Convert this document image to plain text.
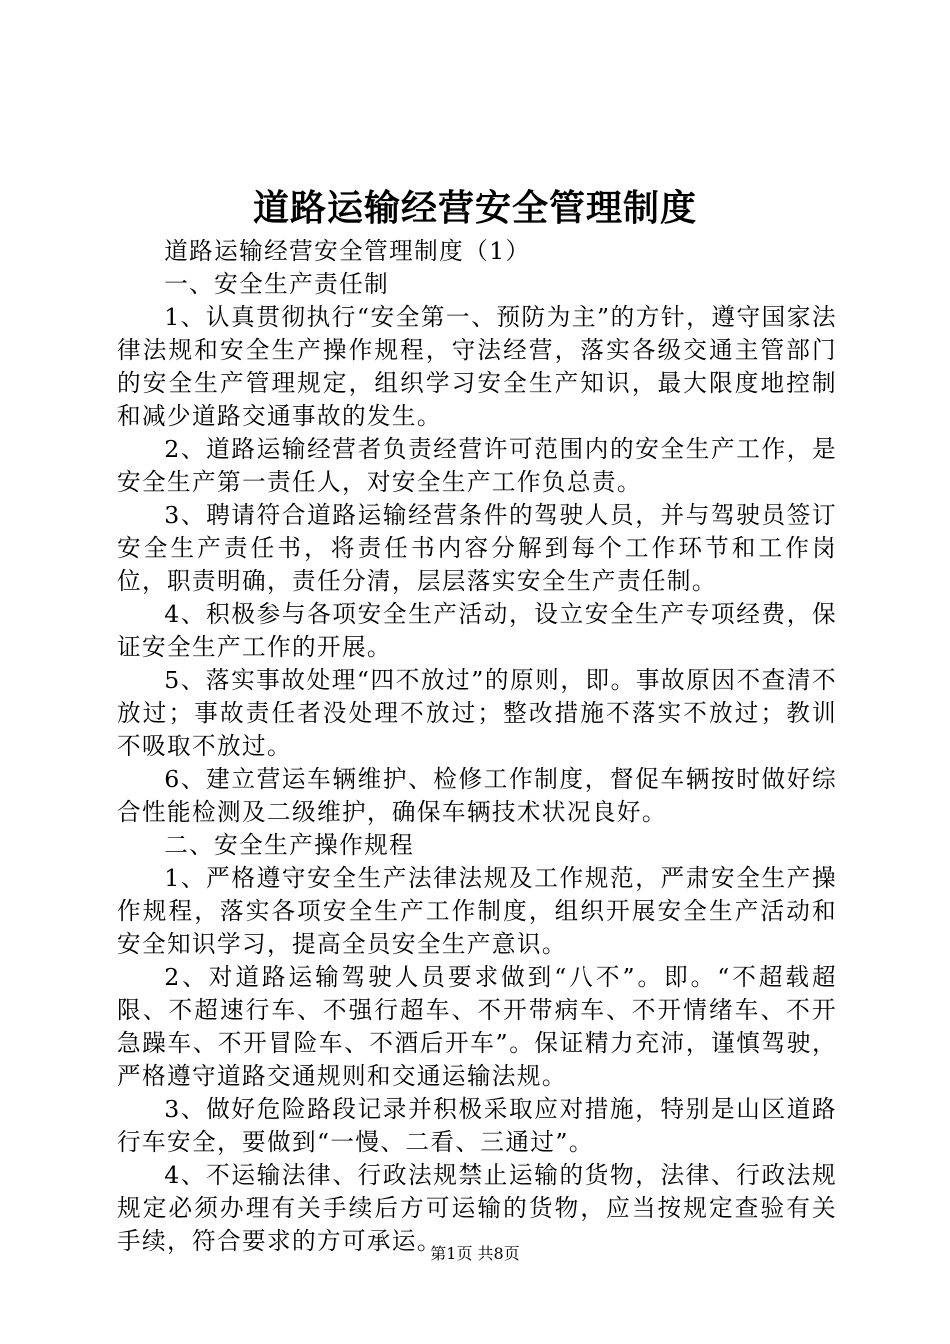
道路运输经营安全管理制度

道路运输经营安全管理制度（1）

一、安全生产责任制

1、认真贯彻执行“安全第一、预防为主”的方针，遵守国家法律法规和安全生产操作规程，守法经营，落实各级交通主管部门的安全生产管理规定，组织学习安全生产知识，最大限度地控制和减少道路交通事故的发生。

2、道路运输经营者负责经营许可范围内的安全生产工作，是安全生产第一责任人，对安全生产工作负总责。

3、聘请符合道路运输经营条件的驾驶人员，并与驾驶员签订安全生产责任书，将责任书内容分解到每个工作环节和工作岗位，职责明确，责任分清，层层落实安全生产责任制。

4、积极参与各项安全生产活动，设立安全生产专项经费，保证安全生产工作的开展。

5、落实事故处理“四不放过”的原则，即。事故原因不查清不放过；事故责任者没处理不放过；整改措施不落实不放过；教训不吸取不放过。

6、建立营运车辆维护、检修工作制度，督促车辆按时做好综合性能检测及二级维护，确保车辆技术状况良好。

二、安全生产操作规程

1、严格遵守安全生产法律法规及工作规范，严肃安全生产操作规程，落实各项安全生产工作制度，组织开展安全生产活动和安全知识学习，提高全员安全生产意识。

2、对道路运输驾驶人员要求做到“八不”。即。“不超载超限、不超速行车、不强行超车、不开带病车、不开情绪车、不开急躁车、不开冒险车、不酒后开车”。保证精力充沛，谨慎驾驶，严格遵守道路交通规则和交通运输法规。

3、做好危险路段记录并积极采取应对措施，特别是山区道路行车安全，要做到“一慢、二看、三通过”。

4、不运输法律、行政法规禁止运输的货物，法律、行政法规规定必须办理有关手续后方可运输的货物，应当按规定查验有关手续，符合要求的方可承运。

第1页 共8页
